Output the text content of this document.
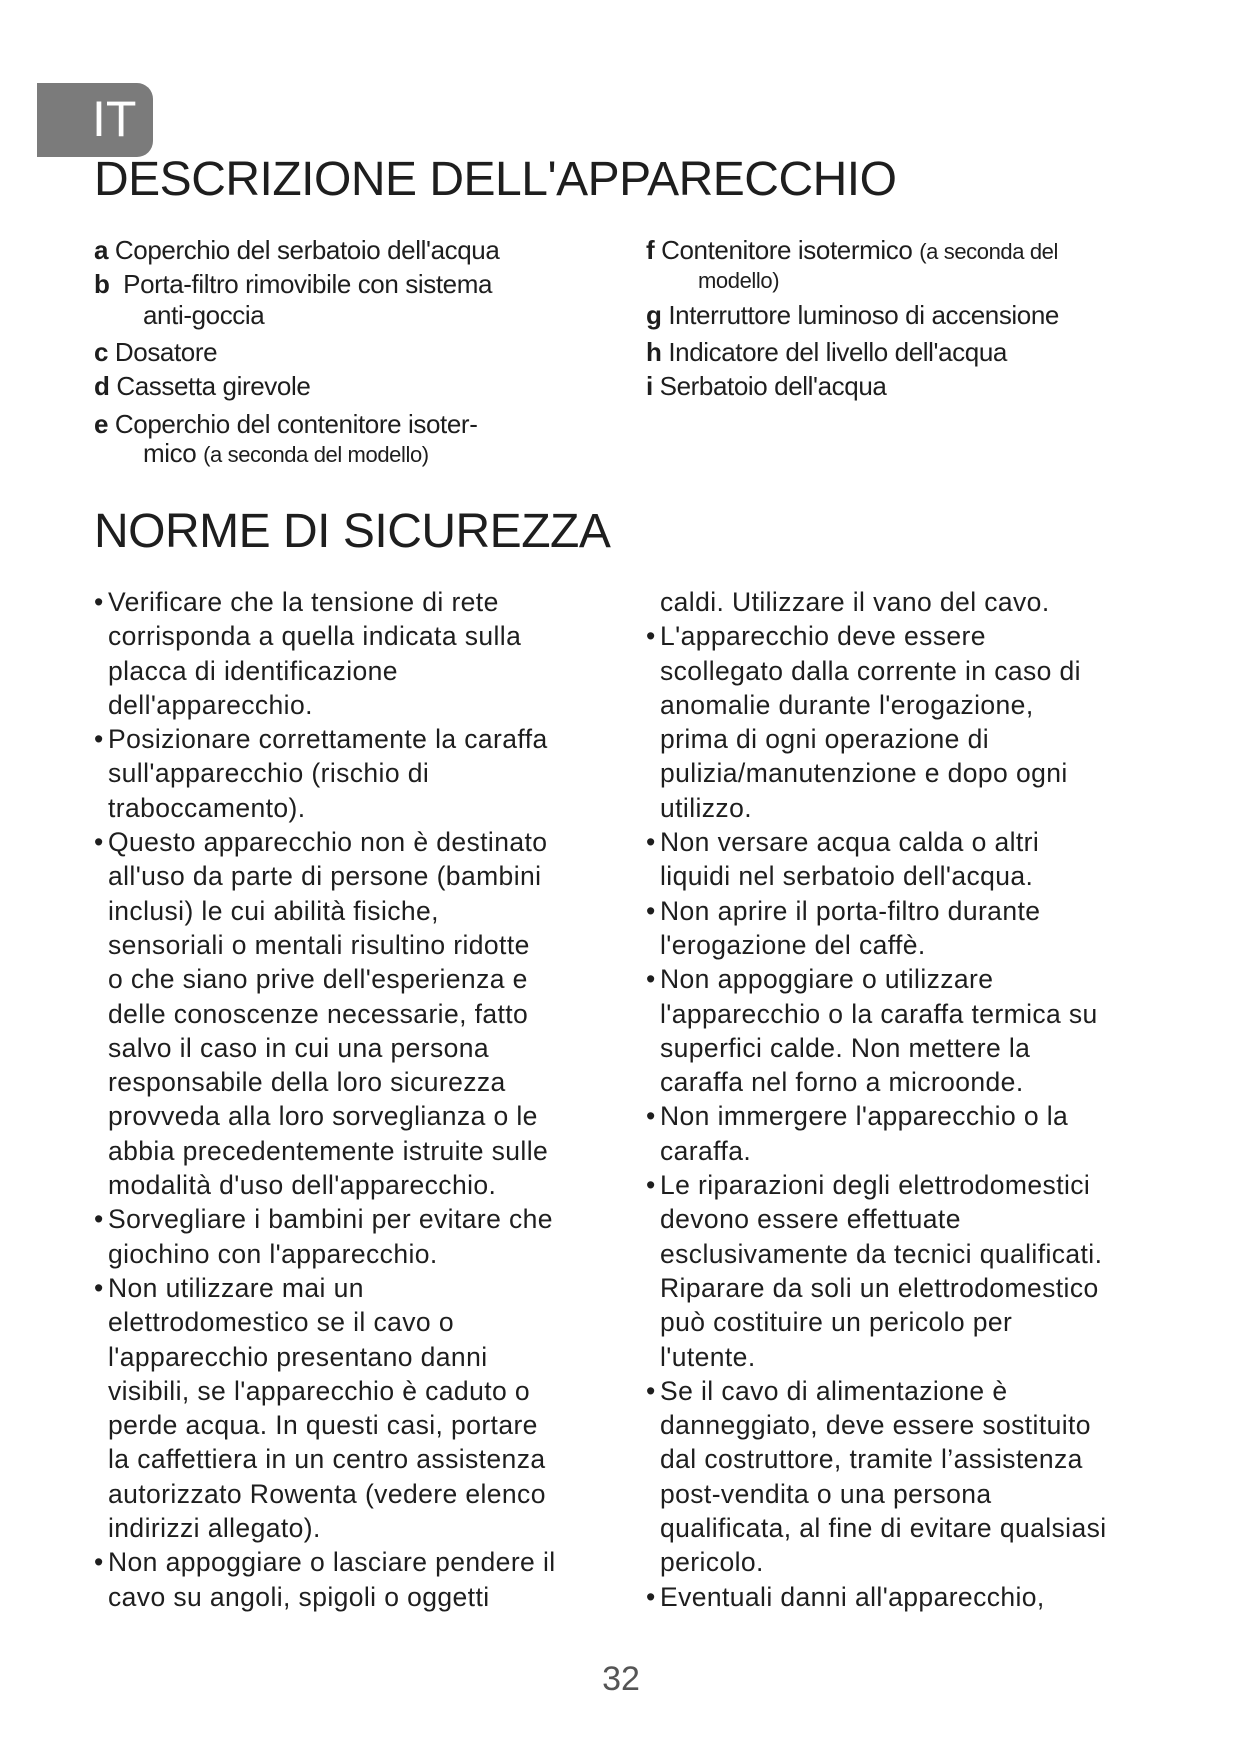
IT
DESCRIZIONE DELL'APPARECCHIO
a Coperchio del serbatoio dell'acqua
b Porta-filtro rimovibile con sistema
anti-goccia
c Dosatore
d Cassetta girevole
e Coperchio del contenitore isoter-
mico (a seconda del modello)
f Contenitore isotermico (a seconda del
modello)
g Interruttore luminoso di accensione
h Indicatore del livello dell'acqua
i Serbatoio dell'acqua
NORME DI SICUREZZA
• Verificare che la tensione di rete
corrisponda a quella indicata sulla
placca di identificazione
dell'apparecchio.
• Posizionare correttamente la caraffa
sull'apparecchio (rischio di
traboccamento).
• Questo apparecchio non è destinato
all'uso da parte di persone (bambini
inclusi) le cui abilità fisiche,
sensoriali o mentali risultino ridotte
o che siano prive dell'esperienza e
delle conoscenze necessarie, fatto
salvo il caso in cui una persona
responsabile della loro sicurezza
provveda alla loro sorveglianza o le
abbia precedentemente istruite sulle
modalità d'uso dell'apparecchio.
• Sorvegliare i bambini per evitare che
giochino con l'apparecchio.
• Non utilizzare mai un
elettrodomestico se il cavo o
l'apparecchio presentano danni
visibili, se l'apparecchio è caduto o
perde acqua. In questi casi, portare
la caffettiera in un centro assistenza
autorizzato Rowenta (vedere elenco
indirizzi allegato).
• Non appoggiare o lasciare pendere il
cavo su angoli, spigoli o oggetti
caldi. Utilizzare il vano del cavo.
• L'apparecchio deve essere
scollegato dalla corrente in caso di
anomalie durante l'erogazione,
prima di ogni operazione di
pulizia/manutenzione e dopo ogni
utilizzo.
• Non versare acqua calda o altri
liquidi nel serbatoio dell'acqua.
• Non aprire il porta-filtro durante
l'erogazione del caffè.
• Non appoggiare o utilizzare
l'apparecchio o la caraffa termica su
superfici calde. Non mettere la
caraffa nel forno a microonde.
• Non immergere l'apparecchio o la
caraffa.
• Le riparazioni degli elettrodomestici
devono essere effettuate
esclusivamente da tecnici qualificati.
Riparare da soli un elettrodomestico
può costituire un pericolo per
l'utente.
• Se il cavo di alimentazione è
danneggiato, deve essere sostituito
dal costruttore, tramite l’assistenza
post-vendita o una persona
qualificata, al fine di evitare qualsiasi
pericolo.
• Eventuali danni all'apparecchio,
32
